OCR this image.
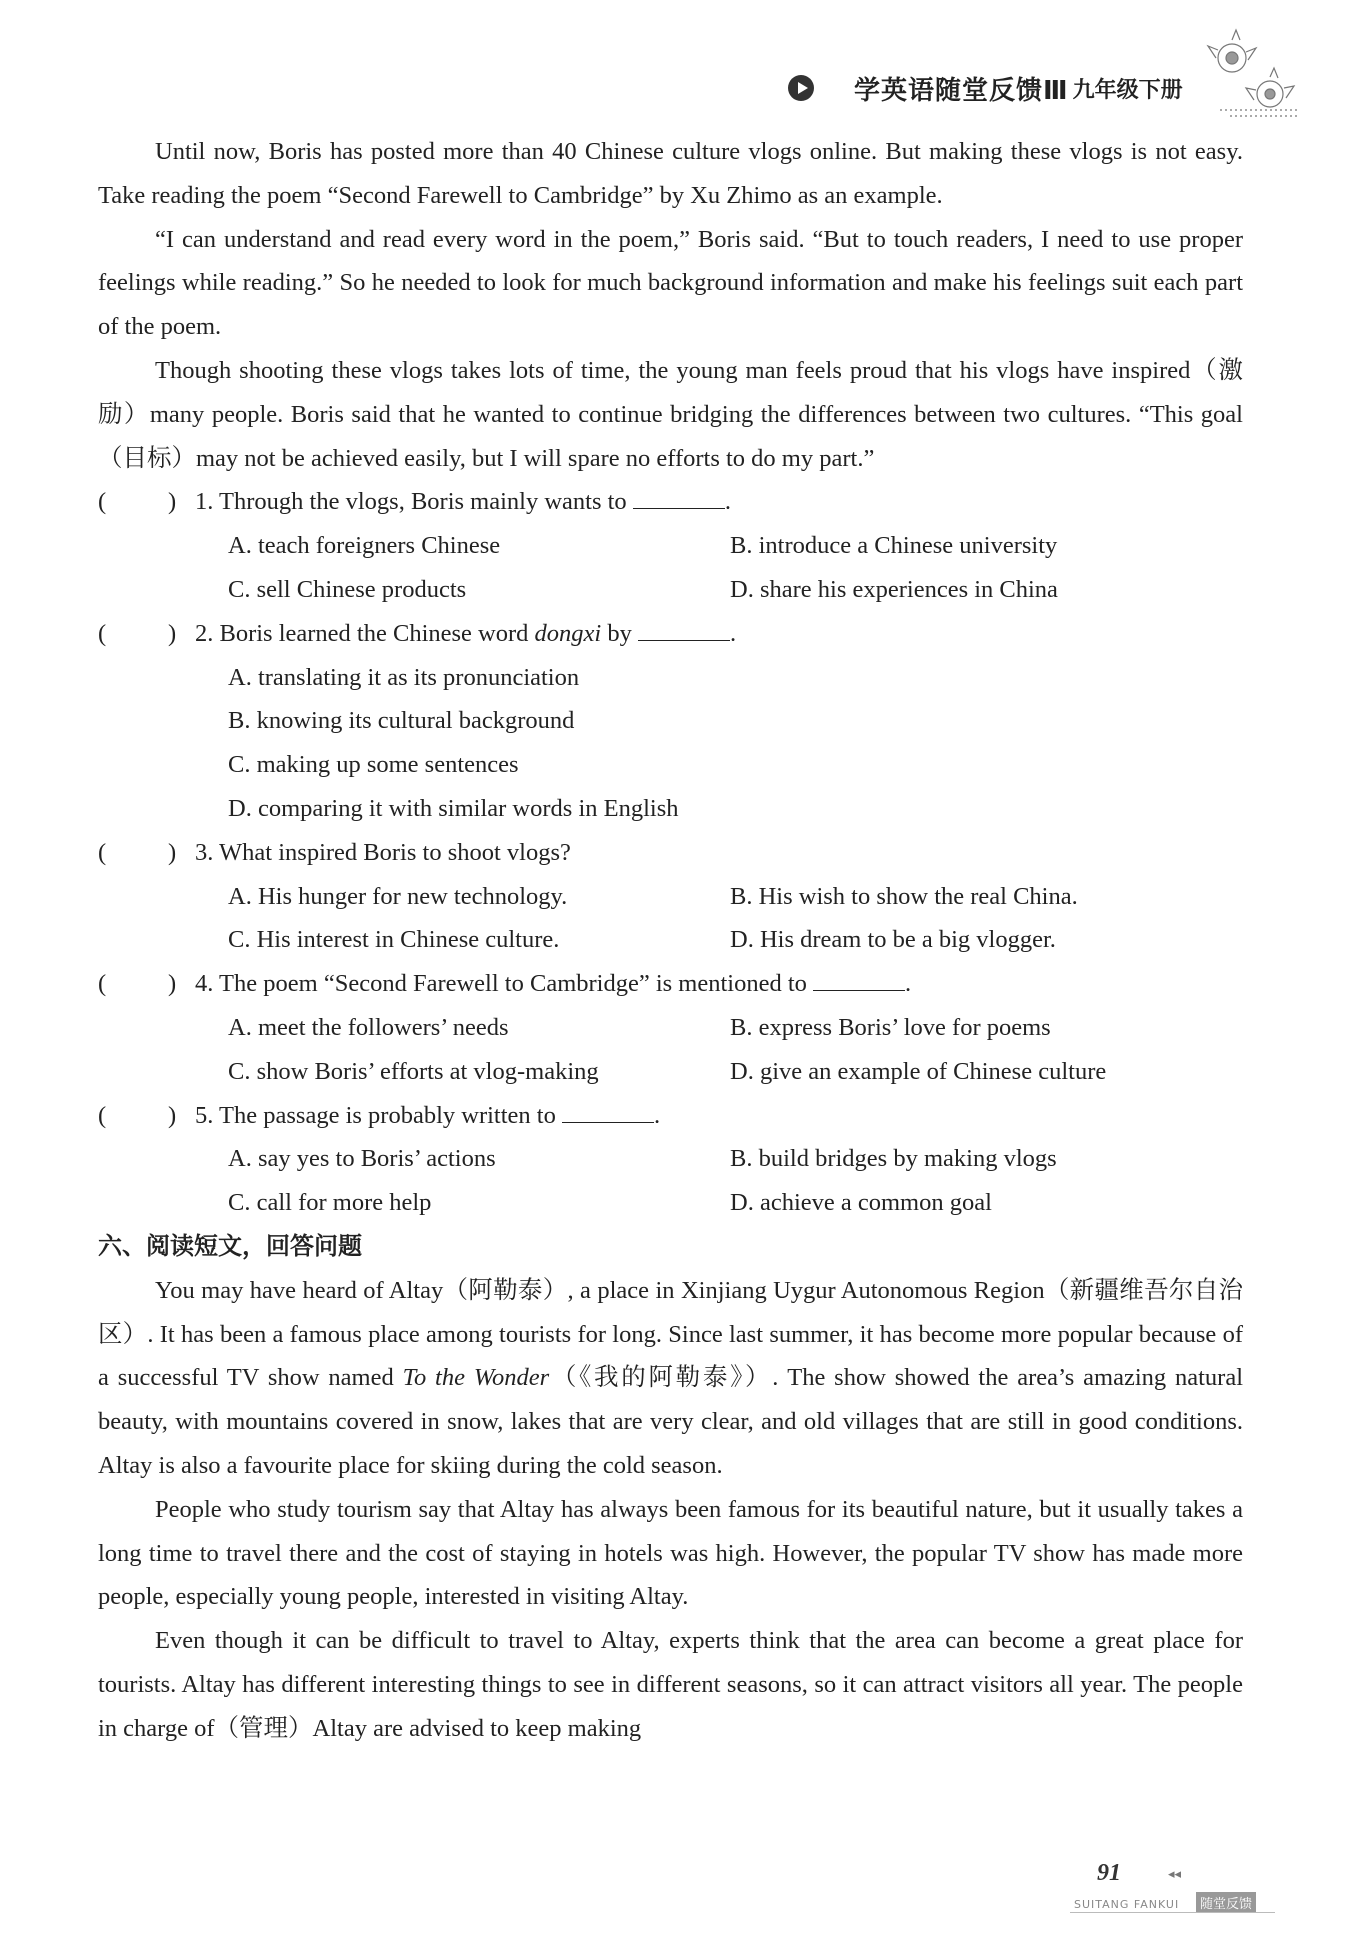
学英语随堂反馈Ⅲ 九年级下册

Until now, Boris has posted more than 40 Chinese culture vlogs online. But making these vlogs is not easy. Take reading the poem “Second Farewell to Cambridge” by Xu Zhimo as an example.

“I can understand and read every word in the poem,” Boris said. “But to touch readers, I need to use proper feelings while reading.” So he needed to look for much background information and make his feelings suit each part of the poem.

Though shooting these vlogs takes lots of time, the young man feels proud that his vlogs have inspired（激励）many people. Boris said that he wanted to continue bridging the differences between two cultures. “This goal（目标）may not be achieved easily, but I will spare no efforts to do my part.”

(	) 1. Through the vlogs, Boris mainly wants to	.
A. teach foreigners Chinese	B. introduce a Chinese university
C. sell Chinese products	D. share his experiences in China
(	) 2. Boris learned the Chinese word dongxi by	.
A. translating it as its pronunciation
B. knowing its cultural background
C. making up some sentences
D. comparing it with similar words in English
(	) 3. What inspired Boris to shoot vlogs?
A. His hunger for new technology.	B. His wish to show the real China.
C. His interest in Chinese culture.	D. His dream to be a big vlogger.
(	) 4. The poem “Second Farewell to Cambridge” is mentioned to	.
A. meet the followers’ needs	B. express Boris’ love for poems
C. show Boris’ efforts at vlog-making	D. give an example of Chinese culture
(	) 5. The passage is probably written to	.
A. say yes to Boris’ actions	B. build bridges by making vlogs
C. call for more help	D. achieve a common goal
六、阅读短文，回答问题

You may have heard of Altay（阿勒泰）, a place in Xinjiang Uygur Autonomous Region（新疆维吾尔自治区）. It has been a famous place among tourists for long. Since last summer, it has become more popular because of a successful TV show named To the Wonder（《我的阿勒泰》）. The show showed the area’s amazing natural beauty, with mountains covered in snow, lakes that are very clear, and old villages that are still in good conditions. Altay is also a favourite place for skiing during the cold season.

People who study tourism say that Altay has always been famous for its beautiful nature, but it usually takes a long time to travel there and the cost of staying in hotels was high. However, the popular TV show has made more people, especially young people, interested in visiting Altay.

Even though it can be difficult to travel to Altay, experts think that the area can become a great place for tourists. Altay has different interesting things to see in different seasons, so it can attract visitors all year. The people in charge of（管理）Altay are advised to keep making

91	◂◂
SUITANG FANKUI	随堂反馈
